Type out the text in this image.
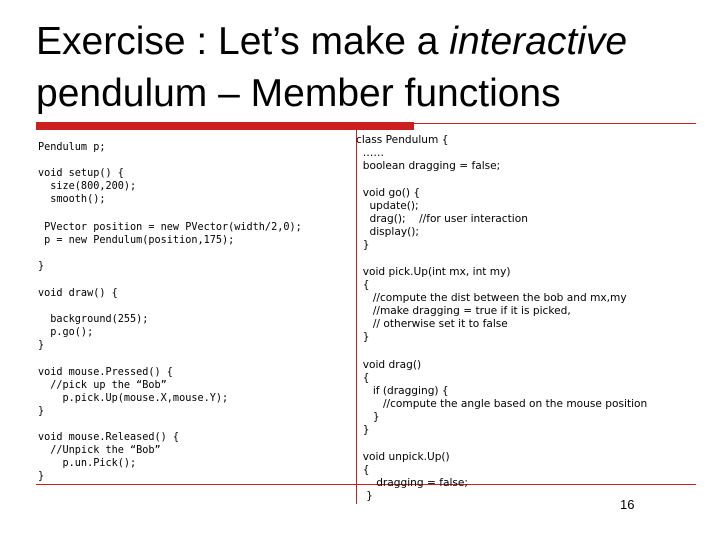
Exercise : Let’s make a interactive
pendulum – Member functions
Pendulum p;
void setup() {
size(800,200);
smooth();
PVector position = new PVector(width/2,0);
p = new Pendulum(position,175);
}
void draw() {
background(255);
p.go();
}
void mouse.Pressed() {
//pick up the “Bob”
p.pick.Up(mouse.X,mouse.Y);
}
void mouse.Released() {
//Unpick the “Bob”
p.un.Pick();
}
class Pendulum {
……
boolean dragging = false;
void go() {
update();
drag();    //for user interaction
display();
}
void pick.Up(int mx, int my)
{
//compute the dist between the bob and mx,my
//make dragging = true if it is picked,
// otherwise set it to false
}
void drag()
{
if (dragging) {
//compute the angle based on the mouse position
}
}
void unpick.Up()
{
dragging = false;
}
16
